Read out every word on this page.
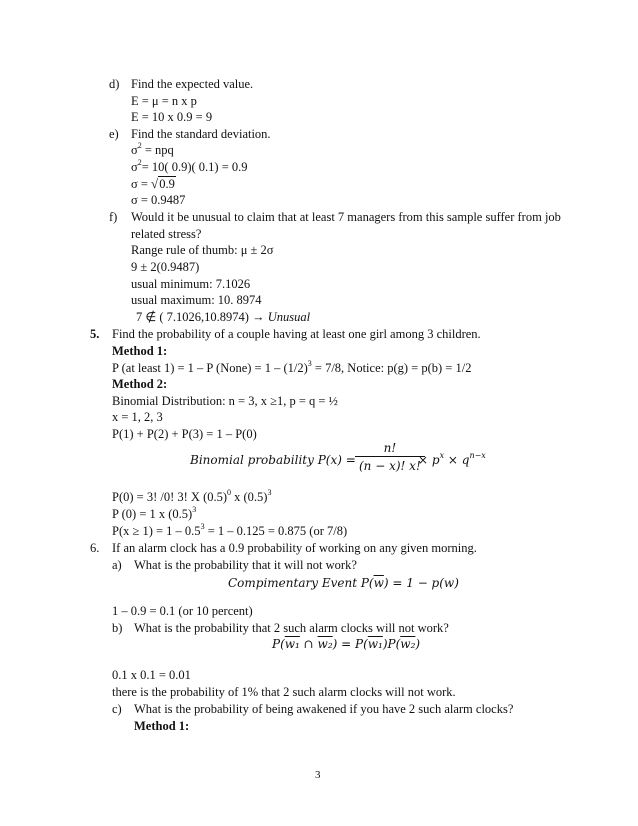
d) Find the expected value.
E = μ = n x p
E = 10 x 0.9 = 9
e) Find the standard deviation.
$\sigma^2$ = npq
$\sigma^2= 10$( 0.9)( 0.1) = 0.9
σ = √0.9
σ = 0.9487
f) Would it be unusual to claim that at least 7 managers from this sample suffer from job
related stress?
Range rule of thumb: μ ± 2σ
9 ± 2(0.9487)
usual minimum: 7.1026
usual maximum: 10. 8974
7 ∉ ( 7.1026,10.8974) → Unusual
5. Find the probability of a couple having at least one girl among 3 children.
Method 1:
P (at least 1) = 1 – P (None) = $1 - (1/2)^3 = 7/8$, Notice: p(g) = p(b) = 1/2
Method 2:
Binomial Distribution: n = 3, x ≥1, p = q = ½
x = 1, 2, 3
P(1) + P(2) + P(3) = 1 – P(0)
Binomial probability $P(x) = \frac{n!}{(n - x)! x!}$
× $p^x \times q^{n-x}$
P(0) = 3! /0! 3! X $(0.5)^0$ x $(0.5)^3$
P (0) = 1 x $(0.5)^3$
$P(x \ge 1) = 1 - 0.5^3 = 1 - 0.125 = 0.875$ (or 7/8)
6. If an alarm clock has a 0.9 probability of working on any given morning.
a) What is the probability that it will not work?
Compimentary Event $P(\overline{w}) = 1 - p(w)$
1 – 0.9 = 0.1 (or 10 percent)
b) What is the probability that 2 such alarm clocks will not work?
P(w₁ ∩ w₂) = P(w₁)P(w₂)
0.1 x 0.1 = 0.01
there is the probability of 1% that 2 such alarm clocks will not work.
c) What is the probability of being awakened if you have 2 such alarm clocks?
Method 1:
3
